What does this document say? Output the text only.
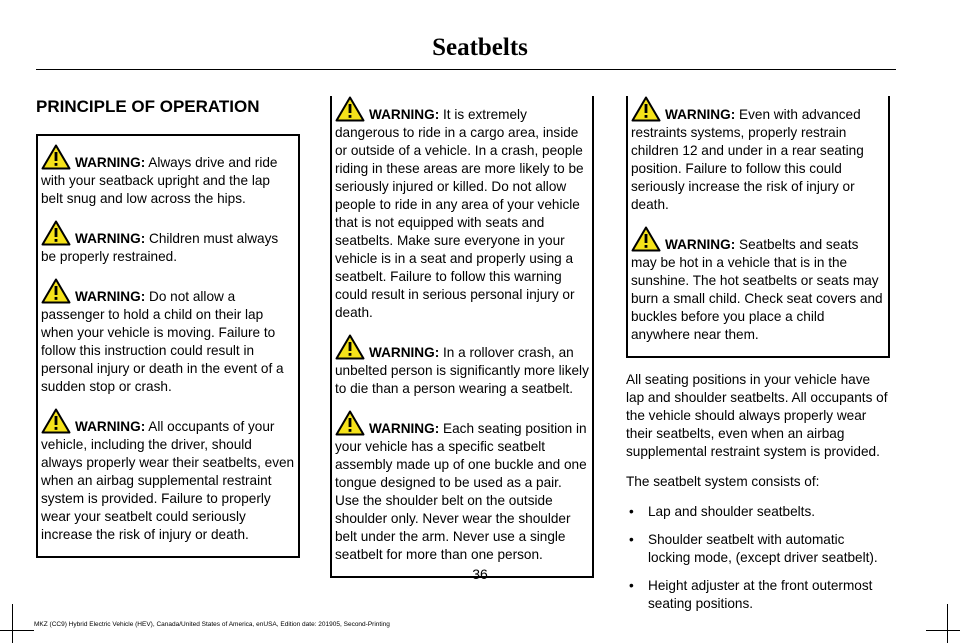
Seatbelts
PRINCIPLE OF OPERATION

WARNING: Always drive and ride with your seatback upright and the lap belt snug and low across the hips.

WARNING: Children must always be properly restrained.

WARNING: Do not allow a passenger to hold a child on their lap when your vehicle is moving. Failure to follow this instruction could result in personal injury or death in the event of a sudden stop or crash.

WARNING: All occupants of your vehicle, including the driver, should always properly wear their seatbelts, even when an airbag supplemental restraint system is provided. Failure to properly wear your seatbelt could seriously increase the risk of injury or death.

WARNING: It is extremely dangerous to ride in a cargo area, inside or outside of a vehicle. In a crash, people riding in these areas are more likely to be seriously injured or killed. Do not allow people to ride in any area of your vehicle that is not equipped with seats and seatbelts. Make sure everyone in your vehicle is in a seat and properly using a seatbelt. Failure to follow this warning could result in serious personal injury or death.

WARNING: In a rollover crash, an unbelted person is significantly more likely to die than a person wearing a seatbelt.

WARNING: Each seating position in your vehicle has a specific seatbelt assembly made up of one buckle and one tongue designed to be used as a pair. Use the shoulder belt on the outside shoulder only. Never wear the shoulder belt under the arm. Never use a single seatbelt for more than one person.

WARNING: Even with advanced restraints systems, properly restrain children 12 and under in a rear seating position. Failure to follow this could seriously increase the risk of injury or death.

WARNING: Seatbelts and seats may be hot in a vehicle that is in the sunshine. The hot seatbelts or seats may burn a small child. Check seat covers and buckles before you place a child anywhere near them.

All seating positions in your vehicle have lap and shoulder seatbelts. All occupants of the vehicle should always properly wear their seatbelts, even when an airbag supplemental restraint system is provided.

The seatbelt system consists of:

• Lap and shoulder seatbelts.
• Shoulder seatbelt with automatic locking mode, (except driver seatbelt).
• Height adjuster at the front outermost seating positions.
36
MKZ (CC9) Hybrid Electric Vehicle (HEV), Canada/United States of America, enUSA, Edition date: 201905, Second-Printing
